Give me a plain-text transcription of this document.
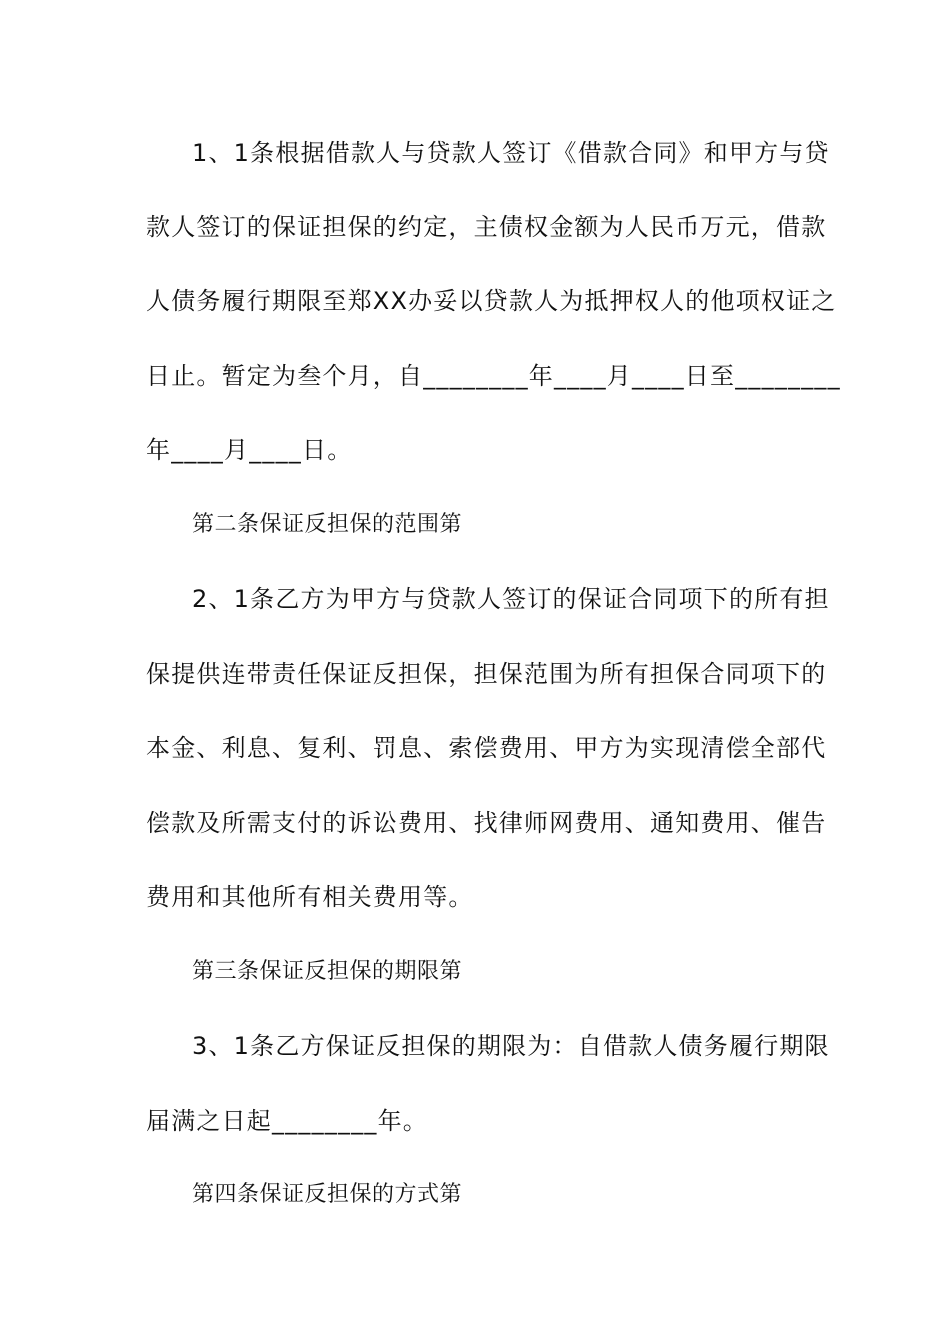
1、1条根据借款人与贷款人签订《借款合同》和甲方与贷
款人签订的保证担保的约定，主债权金额为人民币万元，借款
人债务履行期限至郑XX办妥以贷款人为抵押权人的他项权证之
日止。暂定为叁个月，自________年____月____日至________
年____月____日。
第二条保证反担保的范围第
2、1条乙方为甲方与贷款人签订的保证合同项下的所有担
保提供连带责任保证反担保，担保范围为所有担保合同项下的
本金、利息、复利、罚息、索偿费用、甲方为实现清偿全部代
偿款及所需支付的诉讼费用、找律师网费用、通知费用、催告
费用和其他所有相关费用等。
第三条保证反担保的期限第
3、1条乙方保证反担保的期限为：自借款人债务履行期限
届满之日起________年。
第四条保证反担保的方式第
